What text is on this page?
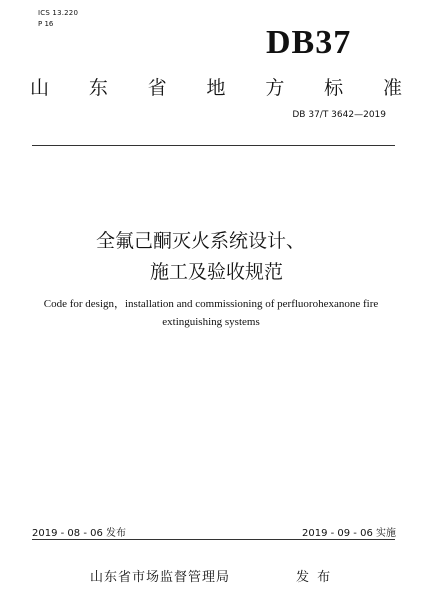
ICS 13.220
P 16	DB37
山 东 省 地 方 标 准
DB 37/T 3642—2019
全氟己酮灭火系统设计、
施工及验收规范
Code for design，installation and commissioning of perfluorohexanone fire extinguishing systems
2019 - 08 - 06 发布	2019 - 09 - 06 实施
山东省市场监督管理局	发 布
